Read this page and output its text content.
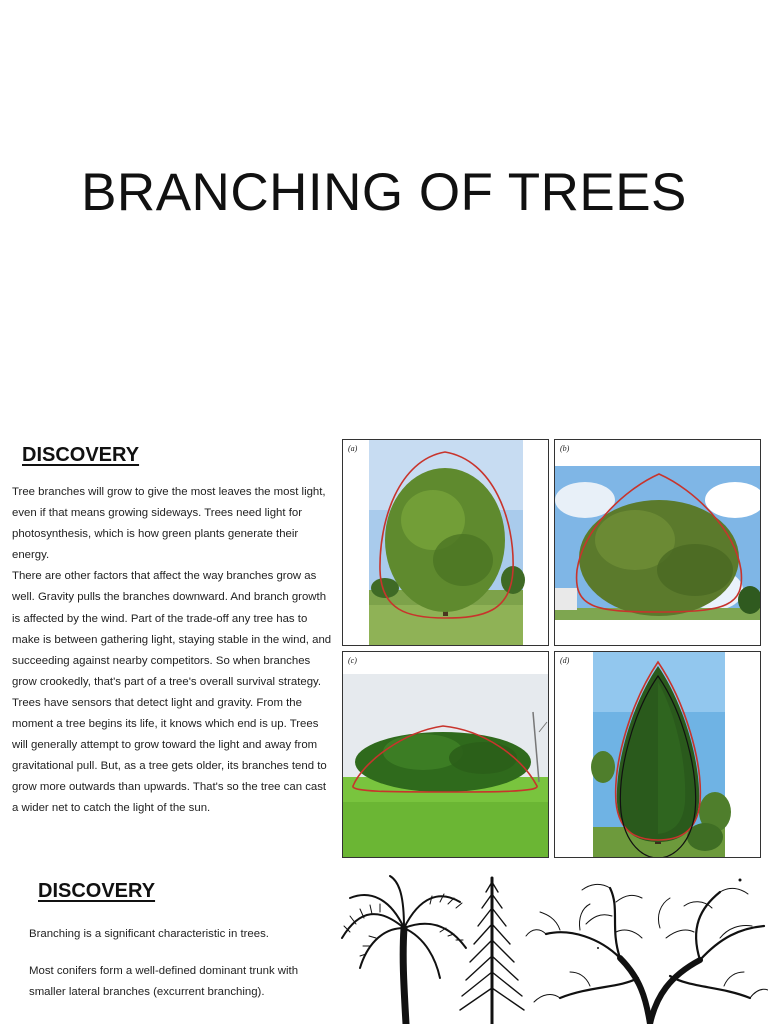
BRANCHING OF TREES
DISCOVERY

Tree branches will grow to give the most leaves the most light, even if that means growing sideways. Trees need light for photosynthesis, which is how green plants generate their energy.

There are other factors that affect the way branches grow as well. Gravity pulls the branches downward. And branch growth is affected by the wind. Part of the trade-off any tree has to make is between gathering light, staying stable in the wind, and succeeding against nearby competitors. So when branches grow crookedly, that's part of a tree's overall survival strategy.

Trees have sensors that detect light and gravity. From the moment a tree begins its life, it knows which end is up. Trees will generally attempt to grow toward the light and away from gravitational pull. But, as a tree gets older, its branches tend to grow more outwards than upwards. That's so the tree can cast a wider net to catch the light of the sun.

(a)	(b)
(c)	(d)
DISCOVERY

Branching is a significant characteristic in trees.

Most conifers form a well-defined dominant trunk with smaller lateral branches (excurrent branching).
